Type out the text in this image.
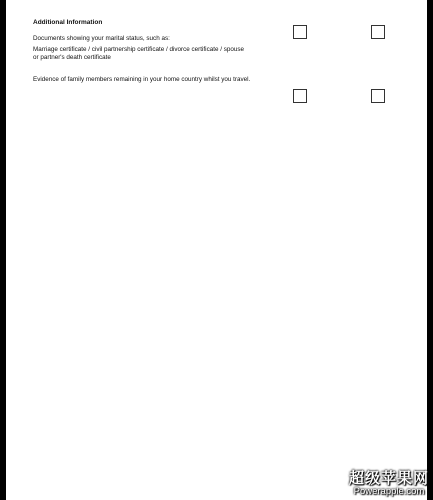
Additional Information
Documents showing your marital status, such as:
Marriage certificate / civil partnership certificate / divorce certificate / spouse
or partner's death certificate
Evidence of family members remaining in your home country whilst you travel.
超级苹果网
Powerapple.com
